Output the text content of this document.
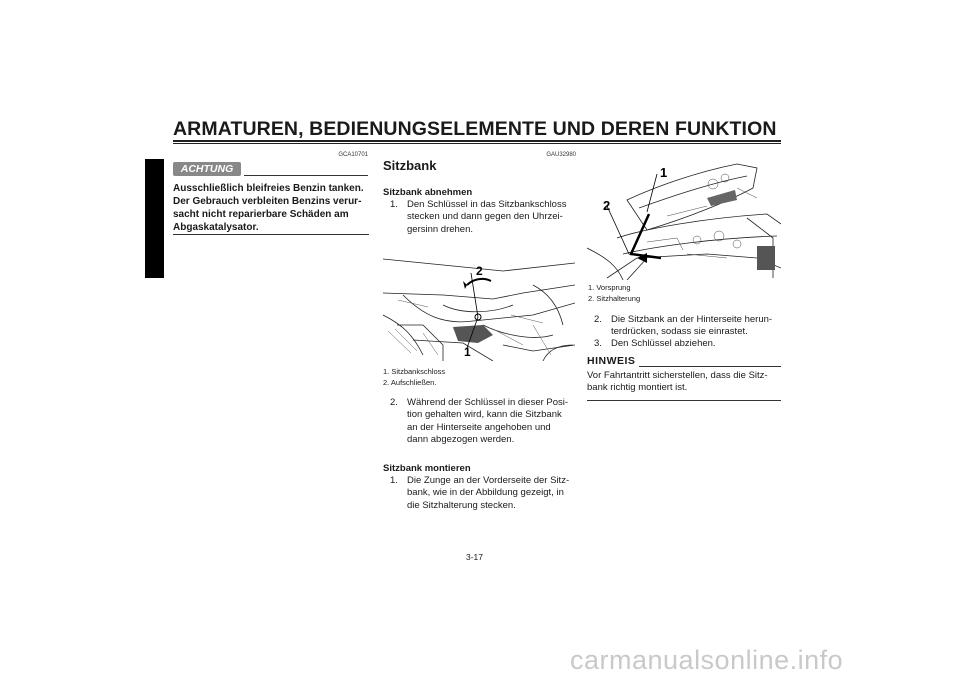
ARMATUREN, BEDIENUNGSELEMENTE UND DEREN FUNKTION
3
GCA10701
ACHTUNG
Ausschließlich bleifreies Benzin tanken.
Der Gebrauch verbleiten Benzins verur-
sacht nicht reparierbare Schäden am
Abgaskatalysator.
GAU32980
Sitzbank
Sitzbank abnehmen
1. Den Schlüssel in das Sitzbankschloss
stecken und dann gegen den Uhrzei-
gersinn drehen.
2
1
1. Sitzbankschloss
2. Aufschließen.
2. Während der Schlüssel in dieser Posi-
tion gehalten wird, kann die Sitzbank
an der Hinterseite angehoben und
dann abgezogen werden.
Sitzbank montieren
1. Die Zunge an der Vorderseite der Sitz-
bank, wie in der Abbildung gezeigt, in
die Sitzhalterung stecken.
1
2
1. Vorsprung
2. Sitzhalterung
2. Die Sitzbank an der Hinterseite herun-
terdrücken, sodass sie einrastet.
3. Den Schlüssel abziehen.
HINWEIS
Vor Fahrtantritt sicherstellen, dass die Sitz-
bank richtig montiert ist.
3-17
carmanualsonline.info
